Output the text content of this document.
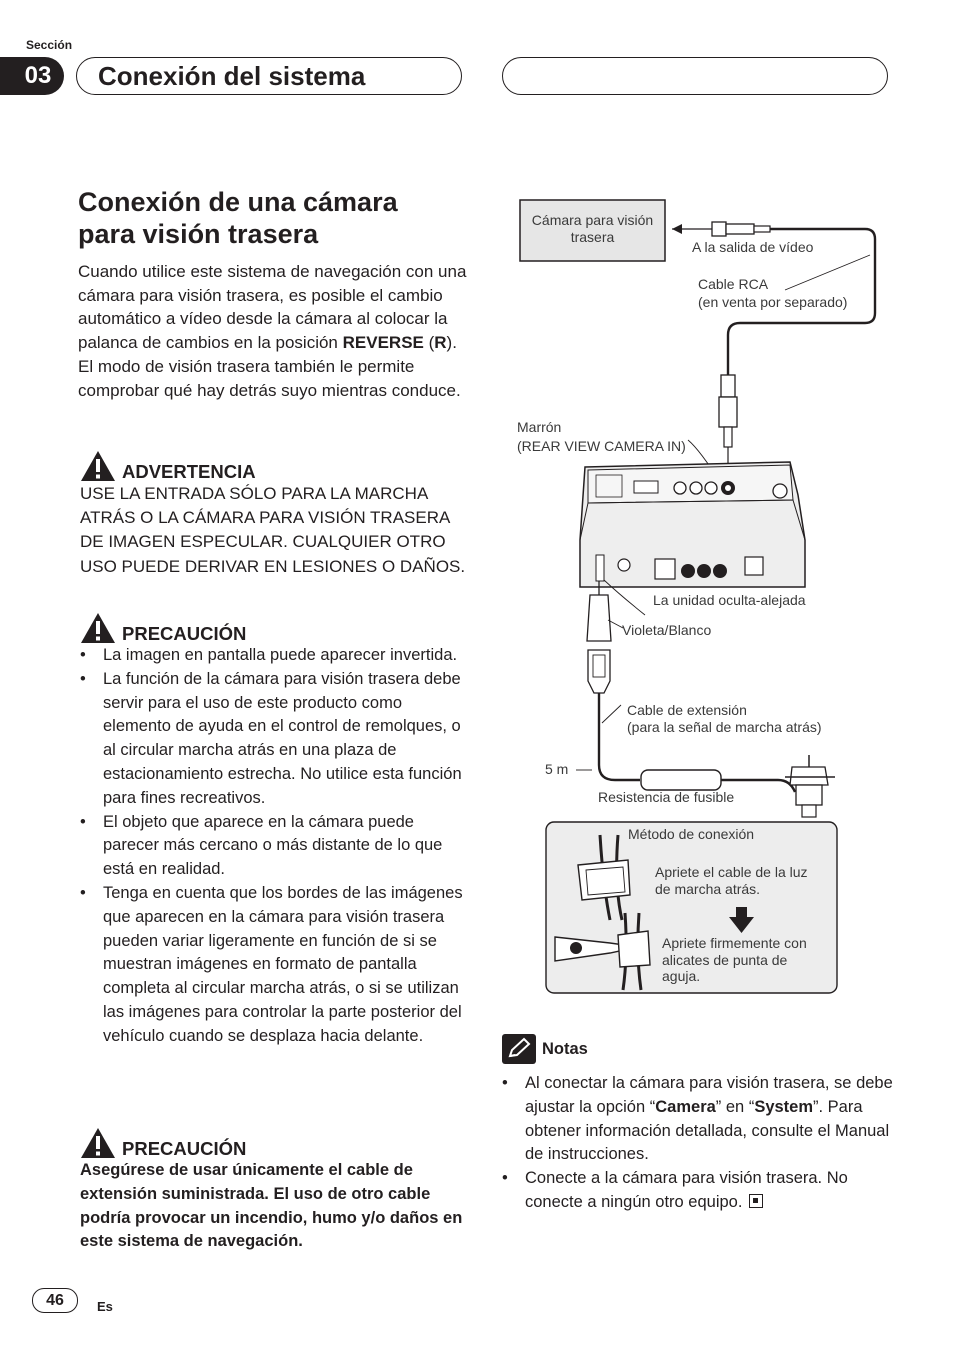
Sección
03	Conexión del sistema
Conexión de una cámara
para visión trasera
Cuando utilice este sistema de navegación con una cámara para visión trasera, es posible el cambio automático a vídeo desde la cámara al colocar la palanca de cambios en la posición REVERSE (R). El modo de visión trasera también le permite comprobar qué hay detrás suyo mientras conduce.
ADVERTENCIA
USE LA ENTRADA SÓLO PARA LA MARCHA ATRÁS O LA CÁMARA PARA VISIÓN TRASERA DE IMAGEN ESPECULAR. CUALQUIER OTRO USO PUEDE DERIVAR EN LESIONES O DAÑOS.
PRECAUCIÓN
• La imagen en pantalla puede aparecer invertida.
• La función de la cámara para visión trasera debe servir para el uso de este producto como elemento de ayuda en el control de remolques, o al circular marcha atrás en una plaza de estacionamiento estrecha. No utilice esta función para fines recreativos.
• El objeto que aparece en la cámara puede parecer más cercano o más distante de lo que está en realidad.
• Tenga en cuenta que los bordes de las imágenes que aparecen en la cámara para visión trasera pueden variar ligeramente en función de si se muestran imágenes en formato de pantalla completa al circular marcha atrás, o si se utilizan las imágenes para controlar la parte posterior del vehículo cuando se desplaza hacia delante.
PRECAUCIÓN
Asegúrese de usar únicamente el cable de extensión suministrada. El uso de otro cable podría provocar un incendio, humo y/o daños en este sistema de navegación.
Cámara para visión trasera
A la salida de vídeo
Cable RCA
(en venta por separado)
Marrón
(REAR VIEW CAMERA IN)
La unidad oculta-alejada
Violeta/Blanco
Cable de extensión
(para la señal de marcha atrás)
5 m
Resistencia de fusible
Método de conexión
Apriete el cable de la luz
de marcha atrás.
Apriete firmemente con
alicates de punta de
aguja.
Notas
• Al conectar la cámara para visión trasera, se debe ajustar la opción “Camera” en “System”. Para obtener información detallada, consulte el Manual de instrucciones.
• Conecte a la cámara para visión trasera. No conecte a ningún otro equipo.
46	Es
